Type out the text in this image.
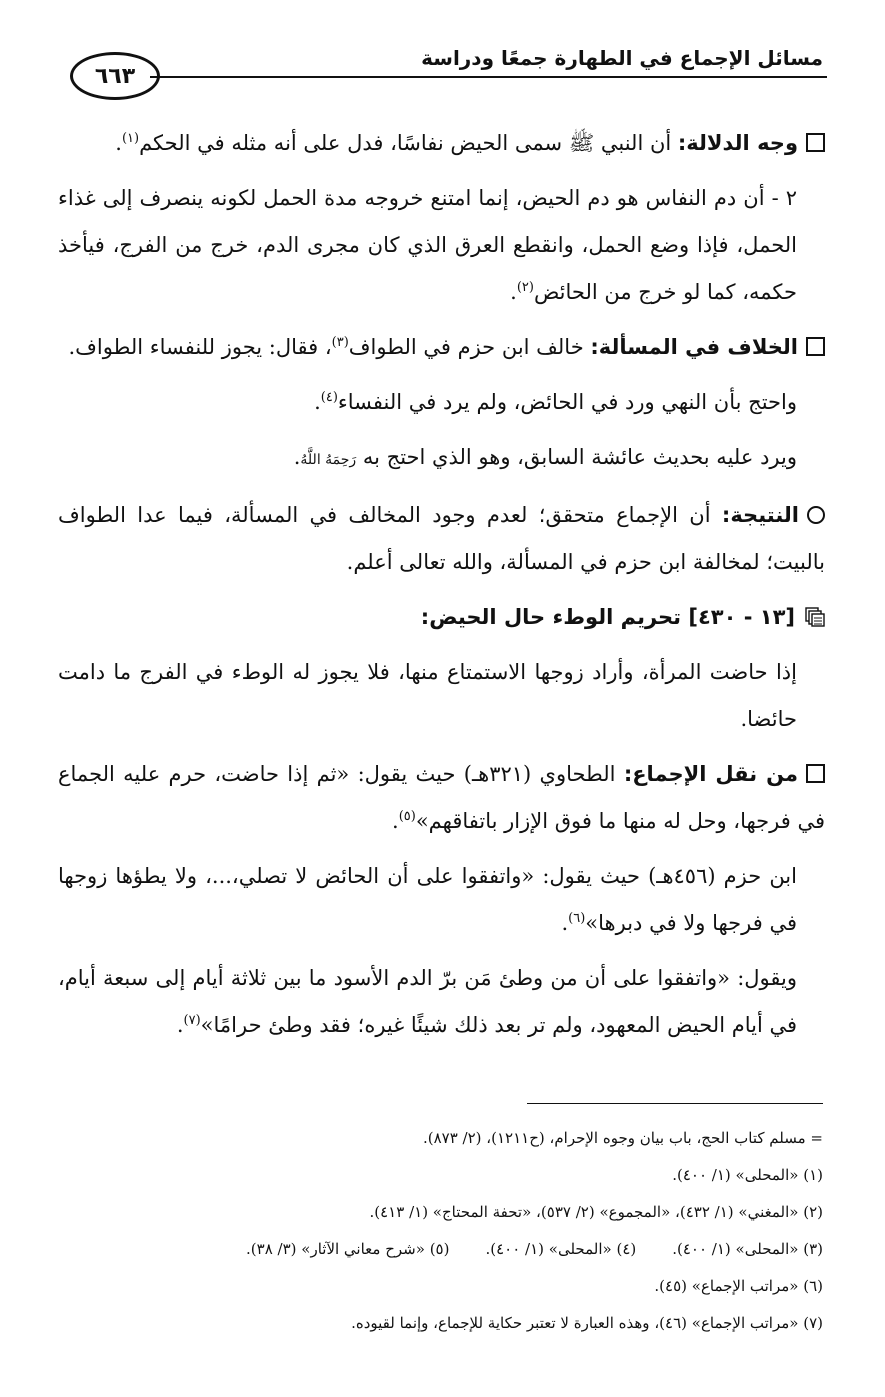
مسائل الإجماع في الطهارة جمعًا ودراسة
٦٦٣

وجه الدلالة: أن النبي ﷺ سمى الحيض نفاسًا، فدل على أنه مثله في الحكم$^{(١)}$.

٢ - أن دم النفاس هو دم الحيض، إنما امتنع خروجه مدة الحمل لكونه ينصرف إلى غذاء الحمل، فإذا وضع الحمل، وانقطع العرق الذي كان مجرى الدم، خرج من الفرج، فيأخذ حكمه، كما لو خرج من الحائض$^{(٢)}$.

الخلاف في المسألة: خالف ابن حزم في الطواف$^{(٣)}$، فقال: يجوز للنفساء الطواف.

واحتج بأن النهي ورد في الحائض، ولم يرد في النفساء$^{(٤)}$.

ويرد عليه بحديث عائشة السابق، وهو الذي احتج به رَحِمَهُ اللَّهُ.

النتيجة: أن الإجماع متحقق؛ لعدم وجود المخالف في المسألة، فيما عدا الطواف بالبيت؛ لمخالفة ابن حزم في المسألة، والله تعالى أعلم.

[١٣ - ٤٣٠] تحريم الوطء حال الحيض:

إذا حاضت المرأة، وأراد زوجها الاستمتاع منها، فلا يجوز له الوطء في الفرج ما دامت حائضا.

من نقل الإجماع: الطحاوي (٣٢١هـ) حيث يقول: «ثم إذا حاضت، حرم عليه الجماع في فرجها، وحل له منها ما فوق الإزار باتفاقهم»$^{(٥)}$.

ابن حزم (٤٥٦هـ) حيث يقول: «واتفقوا على أن الحائض لا تصلي،...، ولا يطؤها زوجها في فرجها ولا في دبرها»$^{(٦)}$.

ويقول: «واتفقوا على أن من وطئ مَن برّ الدم الأسود ما بين ثلاثة أيام إلى سبعة أيام، في أيام الحيض المعهود، ولم تر بعد ذلك شيئًا غيره؛ فقد وطئ حرامًا»$^{(٧)}$.

= مسلم كتاب الحج، باب بيان وجوه الإحرام، (ح١٢١١)، (٢/ ٨٧٣).
(١) «المحلى» (١/ ٤٠٠).
(٢) «المغني» (١/ ٤٣٢)، «المجموع» (٢/ ٥٣٧)، «تحفة المحتاج» (١/ ٤١٣).
(٣) «المحلى» (١/ ٤٠٠).(٤) «المحلى» (١/ ٤٠٠).(٥) «شرح معاني الآثار» (٣/ ٣٨).
(٦) «مراتب الإجماع» (٤٥).
(٧) «مراتب الإجماع» (٤٦)، وهذه العبارة لا تعتبر حكاية للإجماع، وإنما لقيوده.
